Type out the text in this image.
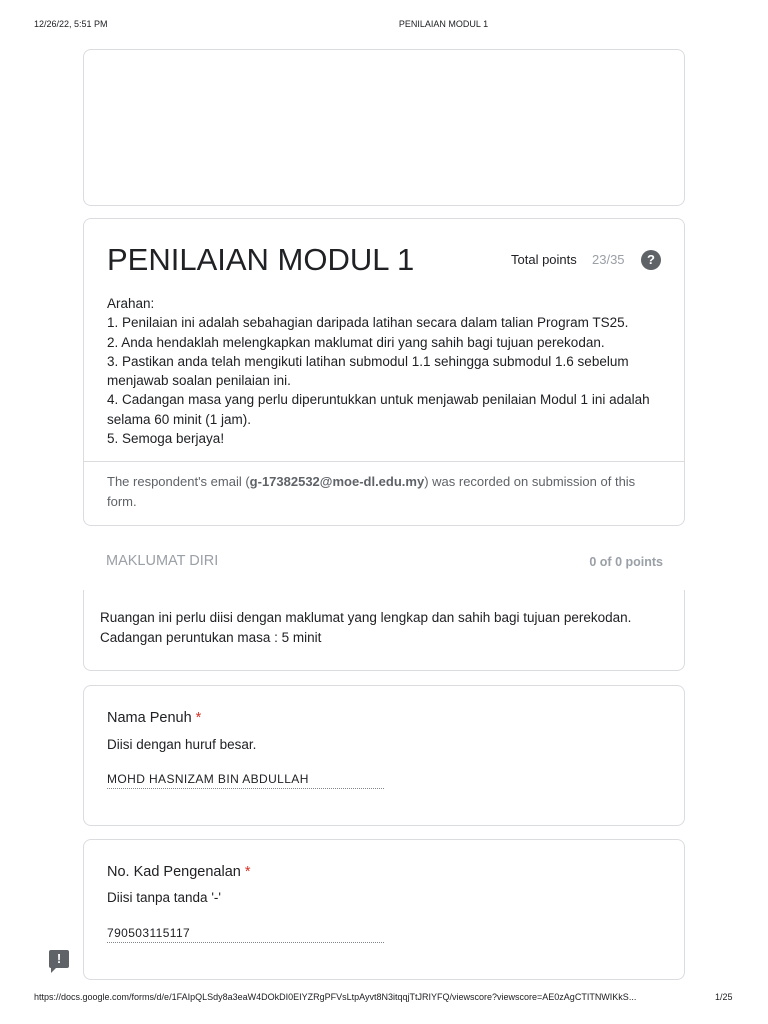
12/26/22, 5:51 PM	PENILAIAN MODUL 1
PENILAIAN MODUL 1	Total points 23/35	?
Arahan:
1. Penilaian ini adalah sebahagian daripada latihan secara dalam talian Program TS25.
2. Anda hendaklah melengkapkan maklumat diri yang sahih bagi tujuan perekodan.
3. Pastikan anda telah mengikuti latihan submodul 1.1 sehingga submodul 1.6 sebelum menjawab soalan penilaian ini.
4. Cadangan masa yang perlu diperuntukkan untuk menjawab penilaian Modul 1 ini adalah selama 60 minit (1 jam).
5. Semoga berjaya!
The respondent's email (g-17382532@moe-dl.edu.my) was recorded on submission of this form.
MAKLUMAT DIRI	0 of 0 points
Ruangan ini perlu diisi dengan maklumat yang lengkap dan sahih bagi tujuan perekodan.
Cadangan peruntukan masa : 5 minit
Nama Penuh *
Diisi dengan huruf besar.
MOHD HASNIZAM BIN ABDULLAH
No. Kad Pengenalan *
Diisi tanpa tanda '-'
790503115117
!
https://docs.google.com/forms/d/e/1FAIpQLSdy8a3eaW4DOkDI0EIYZRgPFVsLtpAyvt8N3itqqjTtJRIYFQ/viewscore?viewscore=AE0zAgCTITNWIKkS...	1/25
